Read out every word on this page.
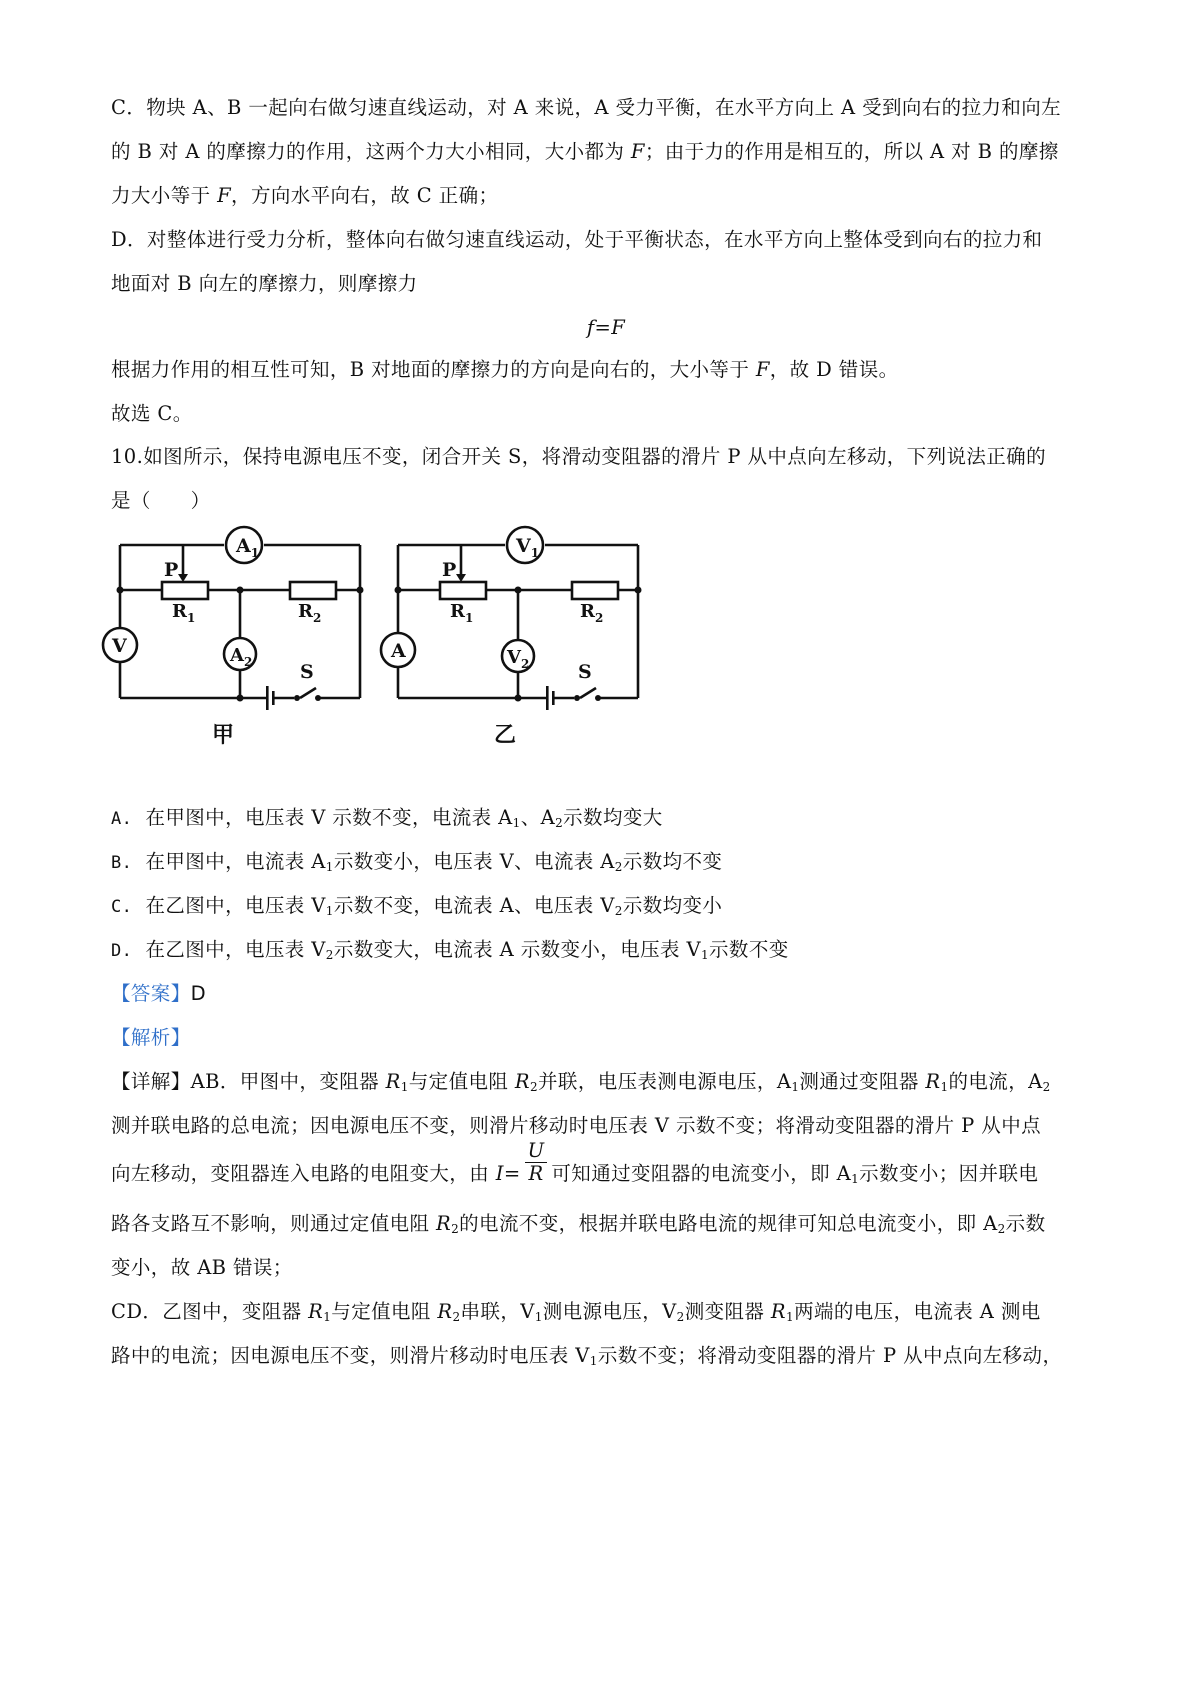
C．物块 A、B 一起向右做匀速直线运动，对 A 来说，A 受力平衡，在水平方向上 A 受到向右的拉力和向左
的 B 对 A 的摩擦力的作用，这两个力大小相同，大小都为 F；由于力的作用是相互的，所以 A 对 B 的摩擦
力大小等于 F，方向水平向右，故 C 正确；
D．对整体进行受力分析，整体向右做匀速直线运动，处于平衡状态，在水平方向上整体受到向右的拉力和
地面对 B 向左的摩擦力，则摩擦力
f=F
根据力作用的相互性可知，B 对地面的摩擦力的方向是向右的，大小等于 F，故 D 错误。
故选 C。
10.如图所示，保持电源电压不变，闭合开关 S，将滑动变阻器的滑片 P 从中点向左移动，下列说法正确的
是（　　）
$A_1$
V	$A_2$
P
$R_1$	$R_2$
S
甲
$V_1$
A	$V_2$
P
$R_1$	$R_2$
S
乙
A. 在甲图中，电压表 V 示数不变，电流表 $A_1$、$A_2$示数均变大
B. 在甲图中，电流表 $A_1$示数变小，电压表 V、电流表 $A_2$示数均不变
C. 在乙图中，电压表 $V_1$示数不变，电流表 A、电压表 $V_2$示数均变小
D. 在乙图中，电压表 $V_2$示数变大，电流表 A 示数变小，电压表 $V_1$示数不变
【答案】D
【解析】
【详解】AB．甲图中，变阻器 $R_1$与定值电阻 $R_2$并联，电压表测电源电压，$A_1$测通过变阻器 $R_1$的电流，$A_2$
测并联电路的总电流；因电源电压不变，则滑片移动时电压表 V 示数不变；将滑动变阻器的滑片 P 从中点
向左移动，变阻器连入电路的电阻变大，由 $I= \frac{U}{R}$ 可知通过变阻器的电流变小，即 $A_1$示数变小；因并联电
路各支路互不影响，则通过定值电阻 $R_2$的电流不变，根据并联电路电流的规律可知总电流变小，即 $A_2$示数
变小，故 AB 错误；
CD．乙图中，变阻器 $R_1$与定值电阻 $R_2$串联，$V_1$测电源电压，$V_2$测变阻器 $R_1$两端的电压，电流表 A 测电
路中的电流；因电源电压不变，则滑片移动时电压表 $V_1$示数不变；将滑动变阻器的滑片 P 从中点向左移动，
